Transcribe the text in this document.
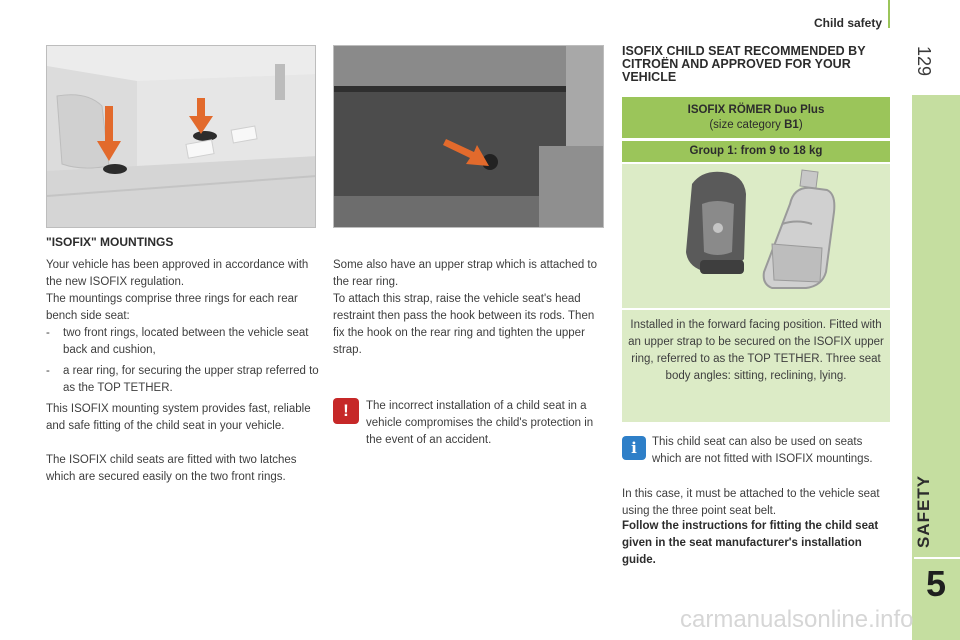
Child safety
129
SAFETY
5
"ISOFIX" MOUNTINGS
Your vehicle has been approved in accordance with the new ISOFIX regulation.
The mountings comprise three rings for each rear bench side seat:
- two front rings, located between the vehicle seat back and cushion,
- a rear ring, for securing the upper strap referred to as the TOP TETHER.
This ISOFIX mounting system provides fast, reliable and safe fitting of the child seat in your vehicle.
The ISOFIX child seats are fitted with two latches which are secured easily on the two front rings.
Some also have an upper strap which is attached to the rear ring.
To attach this strap, raise the vehicle seat's head restraint then pass the hook between its rods. Then fix the hook on the rear ring and tighten the upper strap.
!	The incorrect installation of a child seat in a vehicle compromises the child's protection in the event of an accident.
ISOFIX CHILD SEAT RECOMMENDED BY CITROËN AND APPROVED FOR YOUR VEHICLE
ISOFIX RÖMER Duo Plus
(size category B1)
Group 1: from 9 to 18 kg
Installed in the forward facing position. Fitted with an upper strap to be secured on the ISOFIX upper ring, referred to as the TOP TETHER. Three seat body angles: sitting, reclining, lying.
i	This child seat can also be used on seats which are not fitted with ISOFIX mountings.
In this case, it must be attached to the vehicle seat using the three point seat belt.
Follow the instructions for fitting the child seat given in the seat manufacturer's installation guide.
carmanualsonline.info
